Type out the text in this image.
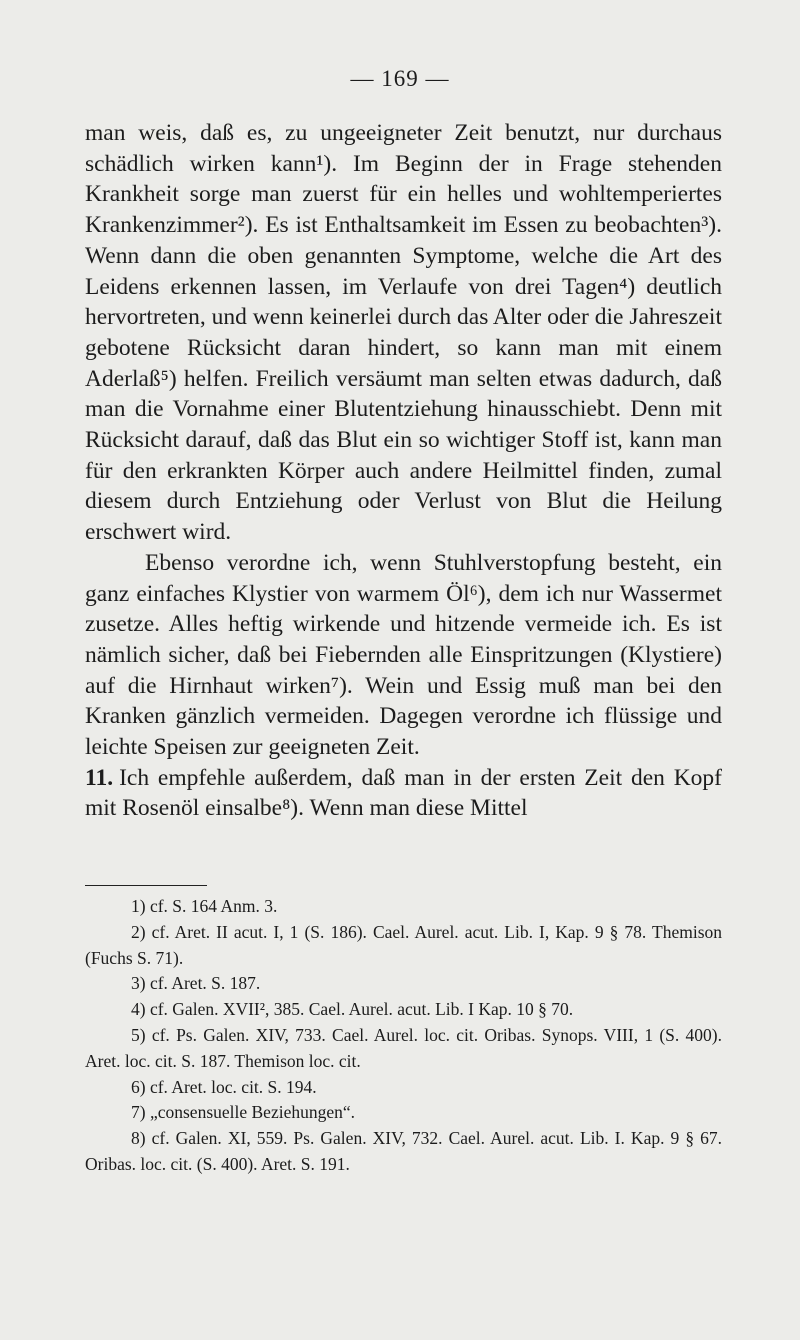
— 169 —

man weis, daß es, zu ungeeigneter Zeit benutzt, nur durchaus schädlich wirken kann¹). Im Beginn der in Frage stehenden Krankheit sorge man zuerst für ein helles und wohltemperiertes Krankenzimmer²). Es ist Enthaltsamkeit im Essen zu beobachten³). Wenn dann die oben genannten Symptome, welche die Art des Leidens erkennen lassen, im Verlaufe von drei Tagen⁴) deutlich hervortreten, und wenn keinerlei durch das Alter oder die Jahreszeit gebotene Rücksicht daran hindert, so kann man mit einem Aderlaß⁵) helfen. Freilich versäumt man selten etwas dadurch, daß man die Vornahme einer Blutentziehung hinausschiebt. Denn mit Rücksicht darauf, daß das Blut ein so wichtiger Stoff ist, kann man für den erkrankten Körper auch andere Heilmittel finden, zumal diesem durch Entziehung oder Verlust von Blut die Heilung erschwert wird.

Ebenso verordne ich, wenn Stuhlverstopfung besteht, ein ganz einfaches Klystier von warmem Öl⁶), dem ich nur Wassermet zusetze. Alles heftig wirkende und hitzende vermeide ich. Es ist nämlich sicher, daß bei Fiebernden alle Einspritzungen (Klystiere) auf die Hirnhaut wirken⁷). Wein und Essig muß man bei den Kranken gänzlich vermeiden. Dagegen verordne ich flüssige und leichte Speisen zur geeigneten Zeit.

11. Ich empfehle außerdem, daß man in der ersten Zeit den Kopf mit Rosenöl einsalbe⁸). Wenn man diese Mittel

1) cf. S. 164 Anm. 3.

2) cf. Aret. II acut. I, 1 (S. 186). Cael. Aurel. acut. Lib. I, Kap. 9 § 78. Themison (Fuchs S. 71).

3) cf. Aret. S. 187.

4) cf. Galen. XVII², 385. Cael. Aurel. acut. Lib. I Kap. 10 § 70.

5) cf. Ps. Galen. XIV, 733. Cael. Aurel. loc. cit. Oribas. Synops. VIII, 1 (S. 400). Aret. loc. cit. S. 187. Themison loc. cit.

6) cf. Aret. loc. cit. S. 194.

7) „consensuelle Beziehungen“.

8) cf. Galen. XI, 559. Ps. Galen. XIV, 732. Cael. Aurel. acut. Lib. I. Kap. 9 § 67. Oribas. loc. cit. (S. 400). Aret. S. 191.
